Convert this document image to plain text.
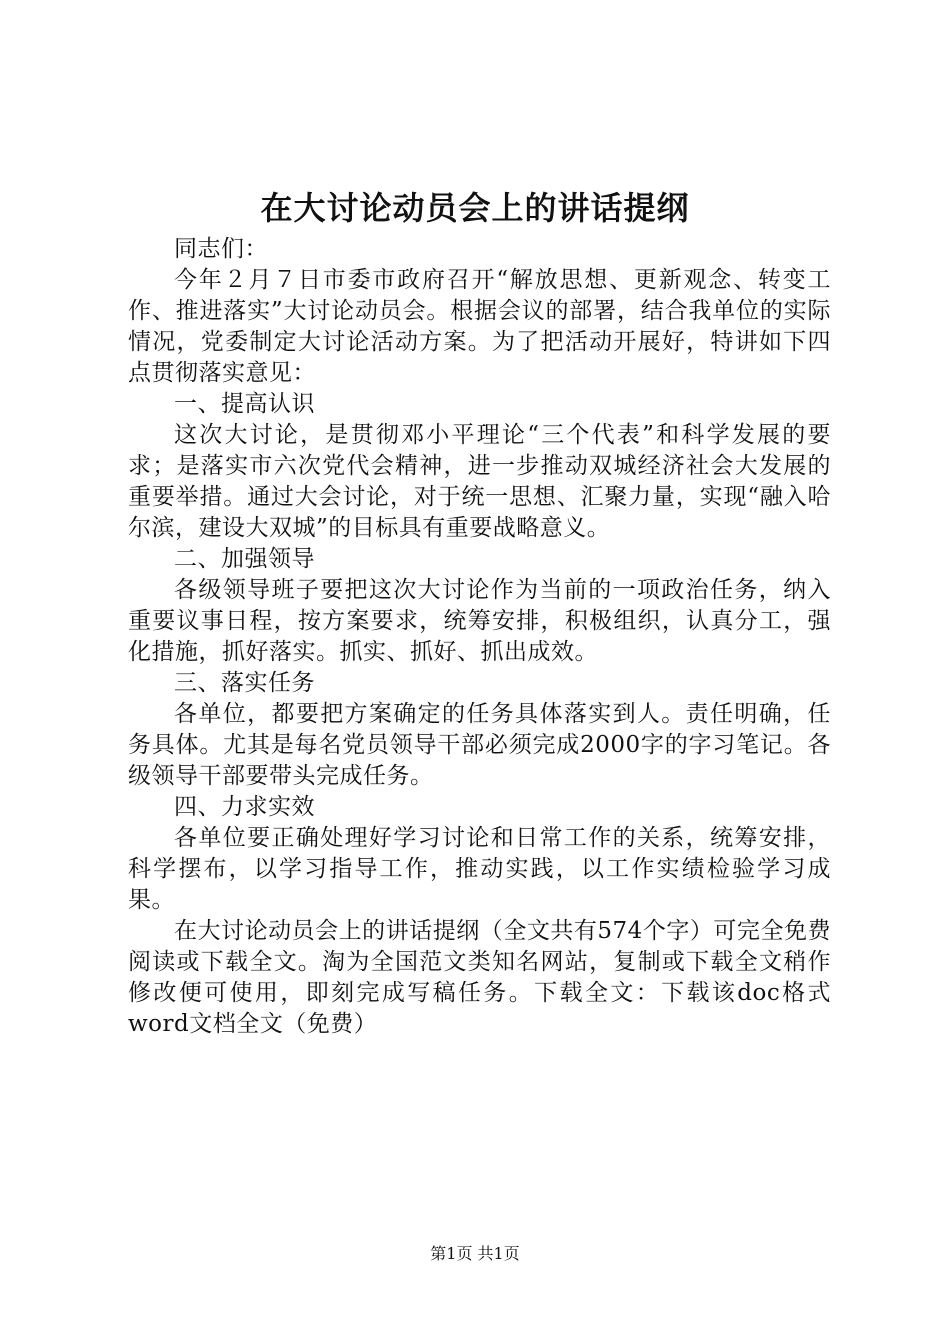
在大讨论动员会上的讲话提纲

同志们：

今年２月７日市委市政府召开“解放思想、更新观念、转变工作、推进落实”大讨论动员会。根据会议的部署，结合我单位的实际情况，党委制定大讨论活动方案。为了把活动开展好，特讲如下四点贯彻落实意见：

一、提高认识

这次大讨论，是贯彻邓小平理论“三个代表”和科学发展的要求；是落实市六次党代会精神，进一步推动双城经济社会大发展的重要举措。通过大会讨论，对于统一思想、汇聚力量，实现“融入哈尔滨，建设大双城”的目标具有重要战略意义。

二、加强领导

各级领导班子要把这次大讨论作为当前的一项政治任务，纳入重要议事日程，按方案要求，统筹安排，积极组织，认真分工，强化措施，抓好落实。抓实、抓好、抓出成效。

三、落实任务

各单位，都要把方案确定的任务具体落实到人。责任明确，任务具体。尤其是每名党员领导干部必须完成2000字的字习笔记。各级领导干部要带头完成任务。

四、力求实效

各单位要正确处理好学习讨论和日常工作的关系，统筹安排，科学摆布，以学习指导工作，推动实践，以工作实绩检验学习成果。

在大讨论动员会上的讲话提纲（全文共有574个字）可完全免费阅读或下载全文。淘为全国范文类知名网站，复制或下载全文稍作修改便可使用，即刻完成写稿任务。下载全文：下载该doc格式word文档全文（免费）

第1页 共1页
